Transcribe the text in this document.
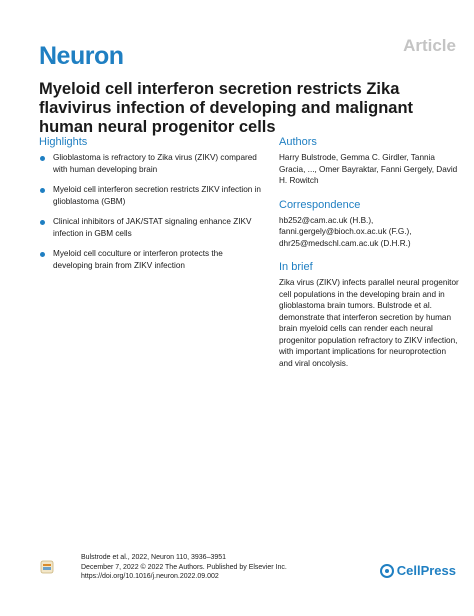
Neuron	Article
Myeloid cell interferon secretion restricts Zika flavivirus infection of developing and malignant human neural progenitor cells
Highlights
Glioblastoma is refractory to Zika virus (ZIKV) compared with human developing brain
Myeloid cell interferon secretion restricts ZIKV infection in glioblastoma (GBM)
Clinical inhibitors of JAK/STAT signaling enhance ZIKV infection in GBM cells
Myeloid cell coculture or interferon protects the developing brain from ZIKV infection
Authors

Harry Bulstrode, Gemma C. Girdler, Tannia Gracia, ..., Omer Bayraktar, Fanni Gergely, David H. Rowitch

Correspondence

hb252@cam.ac.uk (H.B.),
fanni.gergely@bioch.ox.ac.uk (F.G.),
dhr25@medschl.cam.ac.uk (D.H.R.)

In brief

Zika virus (ZIKV) infects parallel neural progenitor cell populations in the developing brain and in glioblastoma brain tumors. Bulstrode et al. demonstrate that interferon secretion by human brain myeloid cells can render each neural progenitor population refractory to ZIKV infection, with important implications for neuroprotection and viral oncolysis.

Bulstrode et al., 2022, Neuron 110, 3936–3951
December 7, 2022 © 2022 The Authors. Published by Elsevier Inc.
https://doi.org/10.1016/j.neuron.2022.09.002	CellPress
